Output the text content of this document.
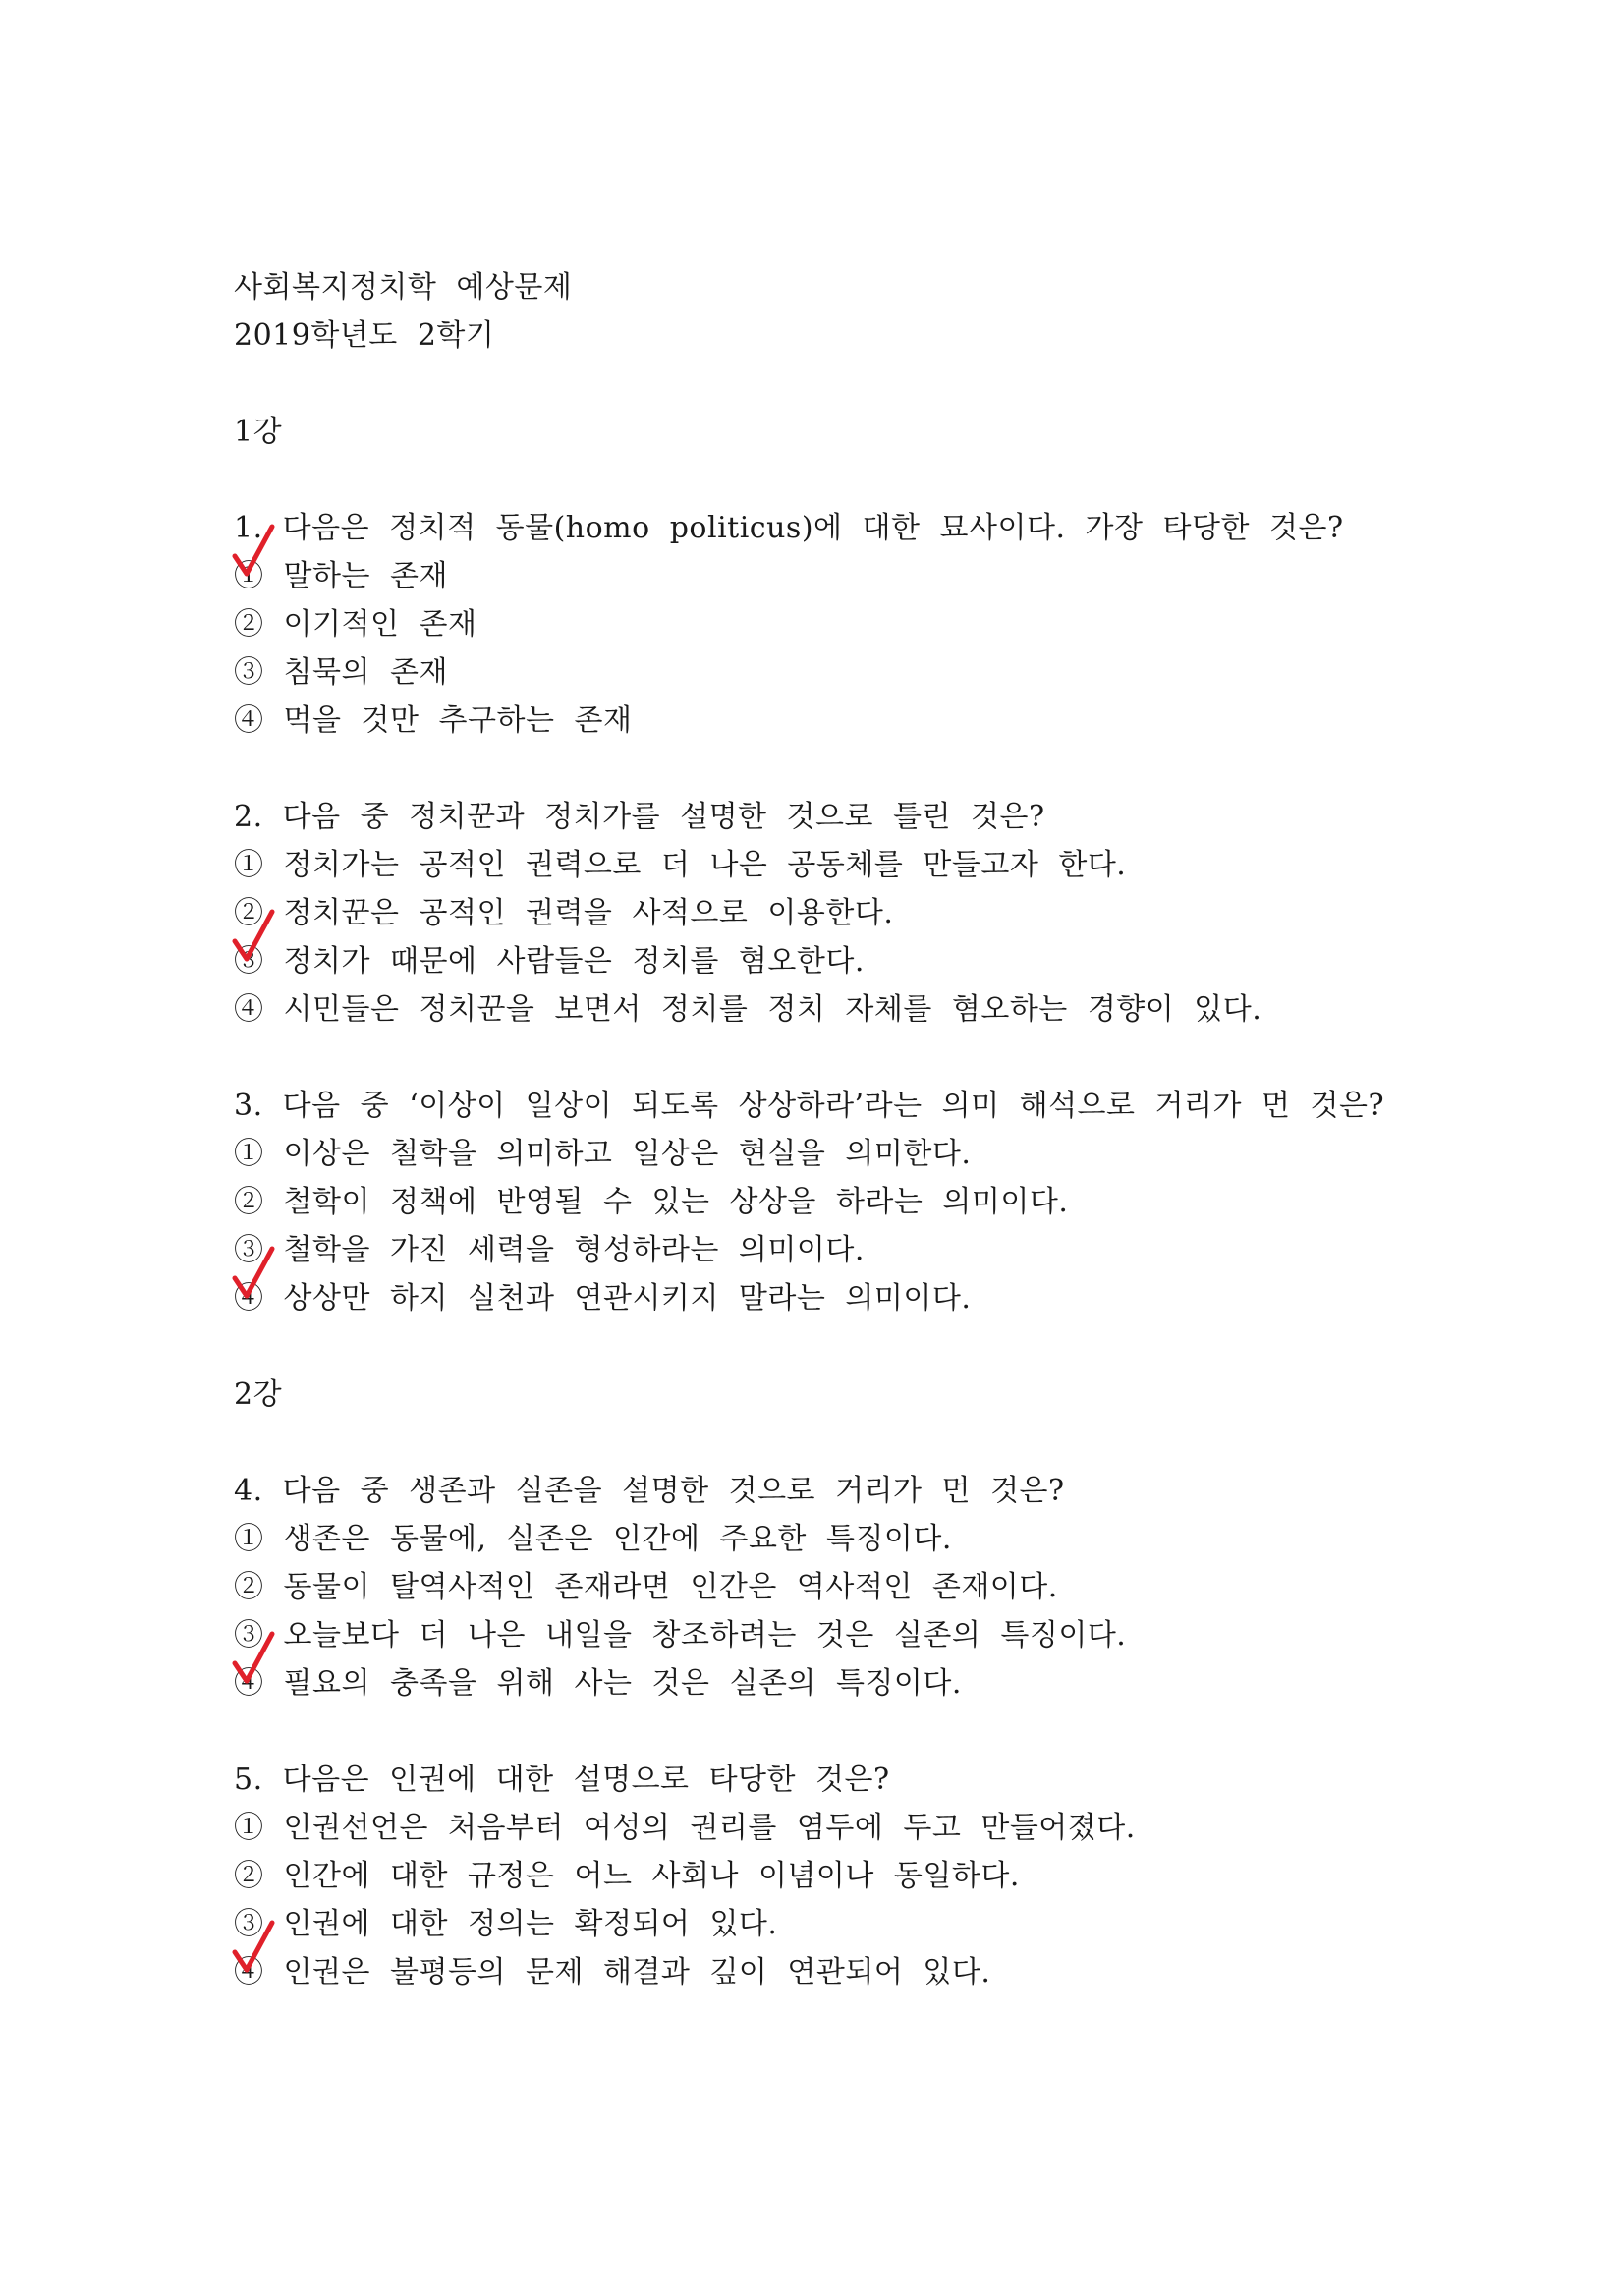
사회복지정치학 예상문제
2019학년도 2학기
1강
1. 다음은 정치적 동물(homo politicus)에 대한 묘사이다. 가장 타당한 것은?
① 말하는 존재
② 이기적인 존재
③ 침묵의 존재
④ 먹을 것만 추구하는 존재
2. 다음 중 정치꾼과 정치가를 설명한 것으로 틀린 것은?
① 정치가는 공적인 권력으로 더 나은 공동체를 만들고자 한다.
② 정치꾼은 공적인 권력을 사적으로 이용한다.
③ 정치가 때문에 사람들은 정치를 혐오한다.
④ 시민들은 정치꾼을 보면서 정치를 정치 자체를 혐오하는 경향이 있다.
3. 다음 중 ‘이상이 일상이 되도록 상상하라’라는 의미 해석으로 거리가 먼 것은?
① 이상은 철학을 의미하고 일상은 현실을 의미한다.
② 철학이 정책에 반영될 수 있는 상상을 하라는 의미이다.
③ 철학을 가진 세력을 형성하라는 의미이다.
④ 상상만 하지 실천과 연관시키지 말라는 의미이다.
2강
4. 다음 중 생존과 실존을 설명한 것으로 거리가 먼 것은?
① 생존은 동물에, 실존은 인간에 주요한 특징이다.
② 동물이 탈역사적인 존재라면 인간은 역사적인 존재이다.
③ 오늘보다 더 나은 내일을 창조하려는 것은 실존의 특징이다.
④ 필요의 충족을 위해 사는 것은 실존의 특징이다.
5. 다음은 인권에 대한 설명으로 타당한 것은?
① 인권선언은 처음부터 여성의 권리를 염두에 두고 만들어졌다.
② 인간에 대한 규정은 어느 사회나 이념이나 동일하다.
③ 인권에 대한 정의는 확정되어 있다.
④ 인권은 불평등의 문제 해결과 깊이 연관되어 있다.
